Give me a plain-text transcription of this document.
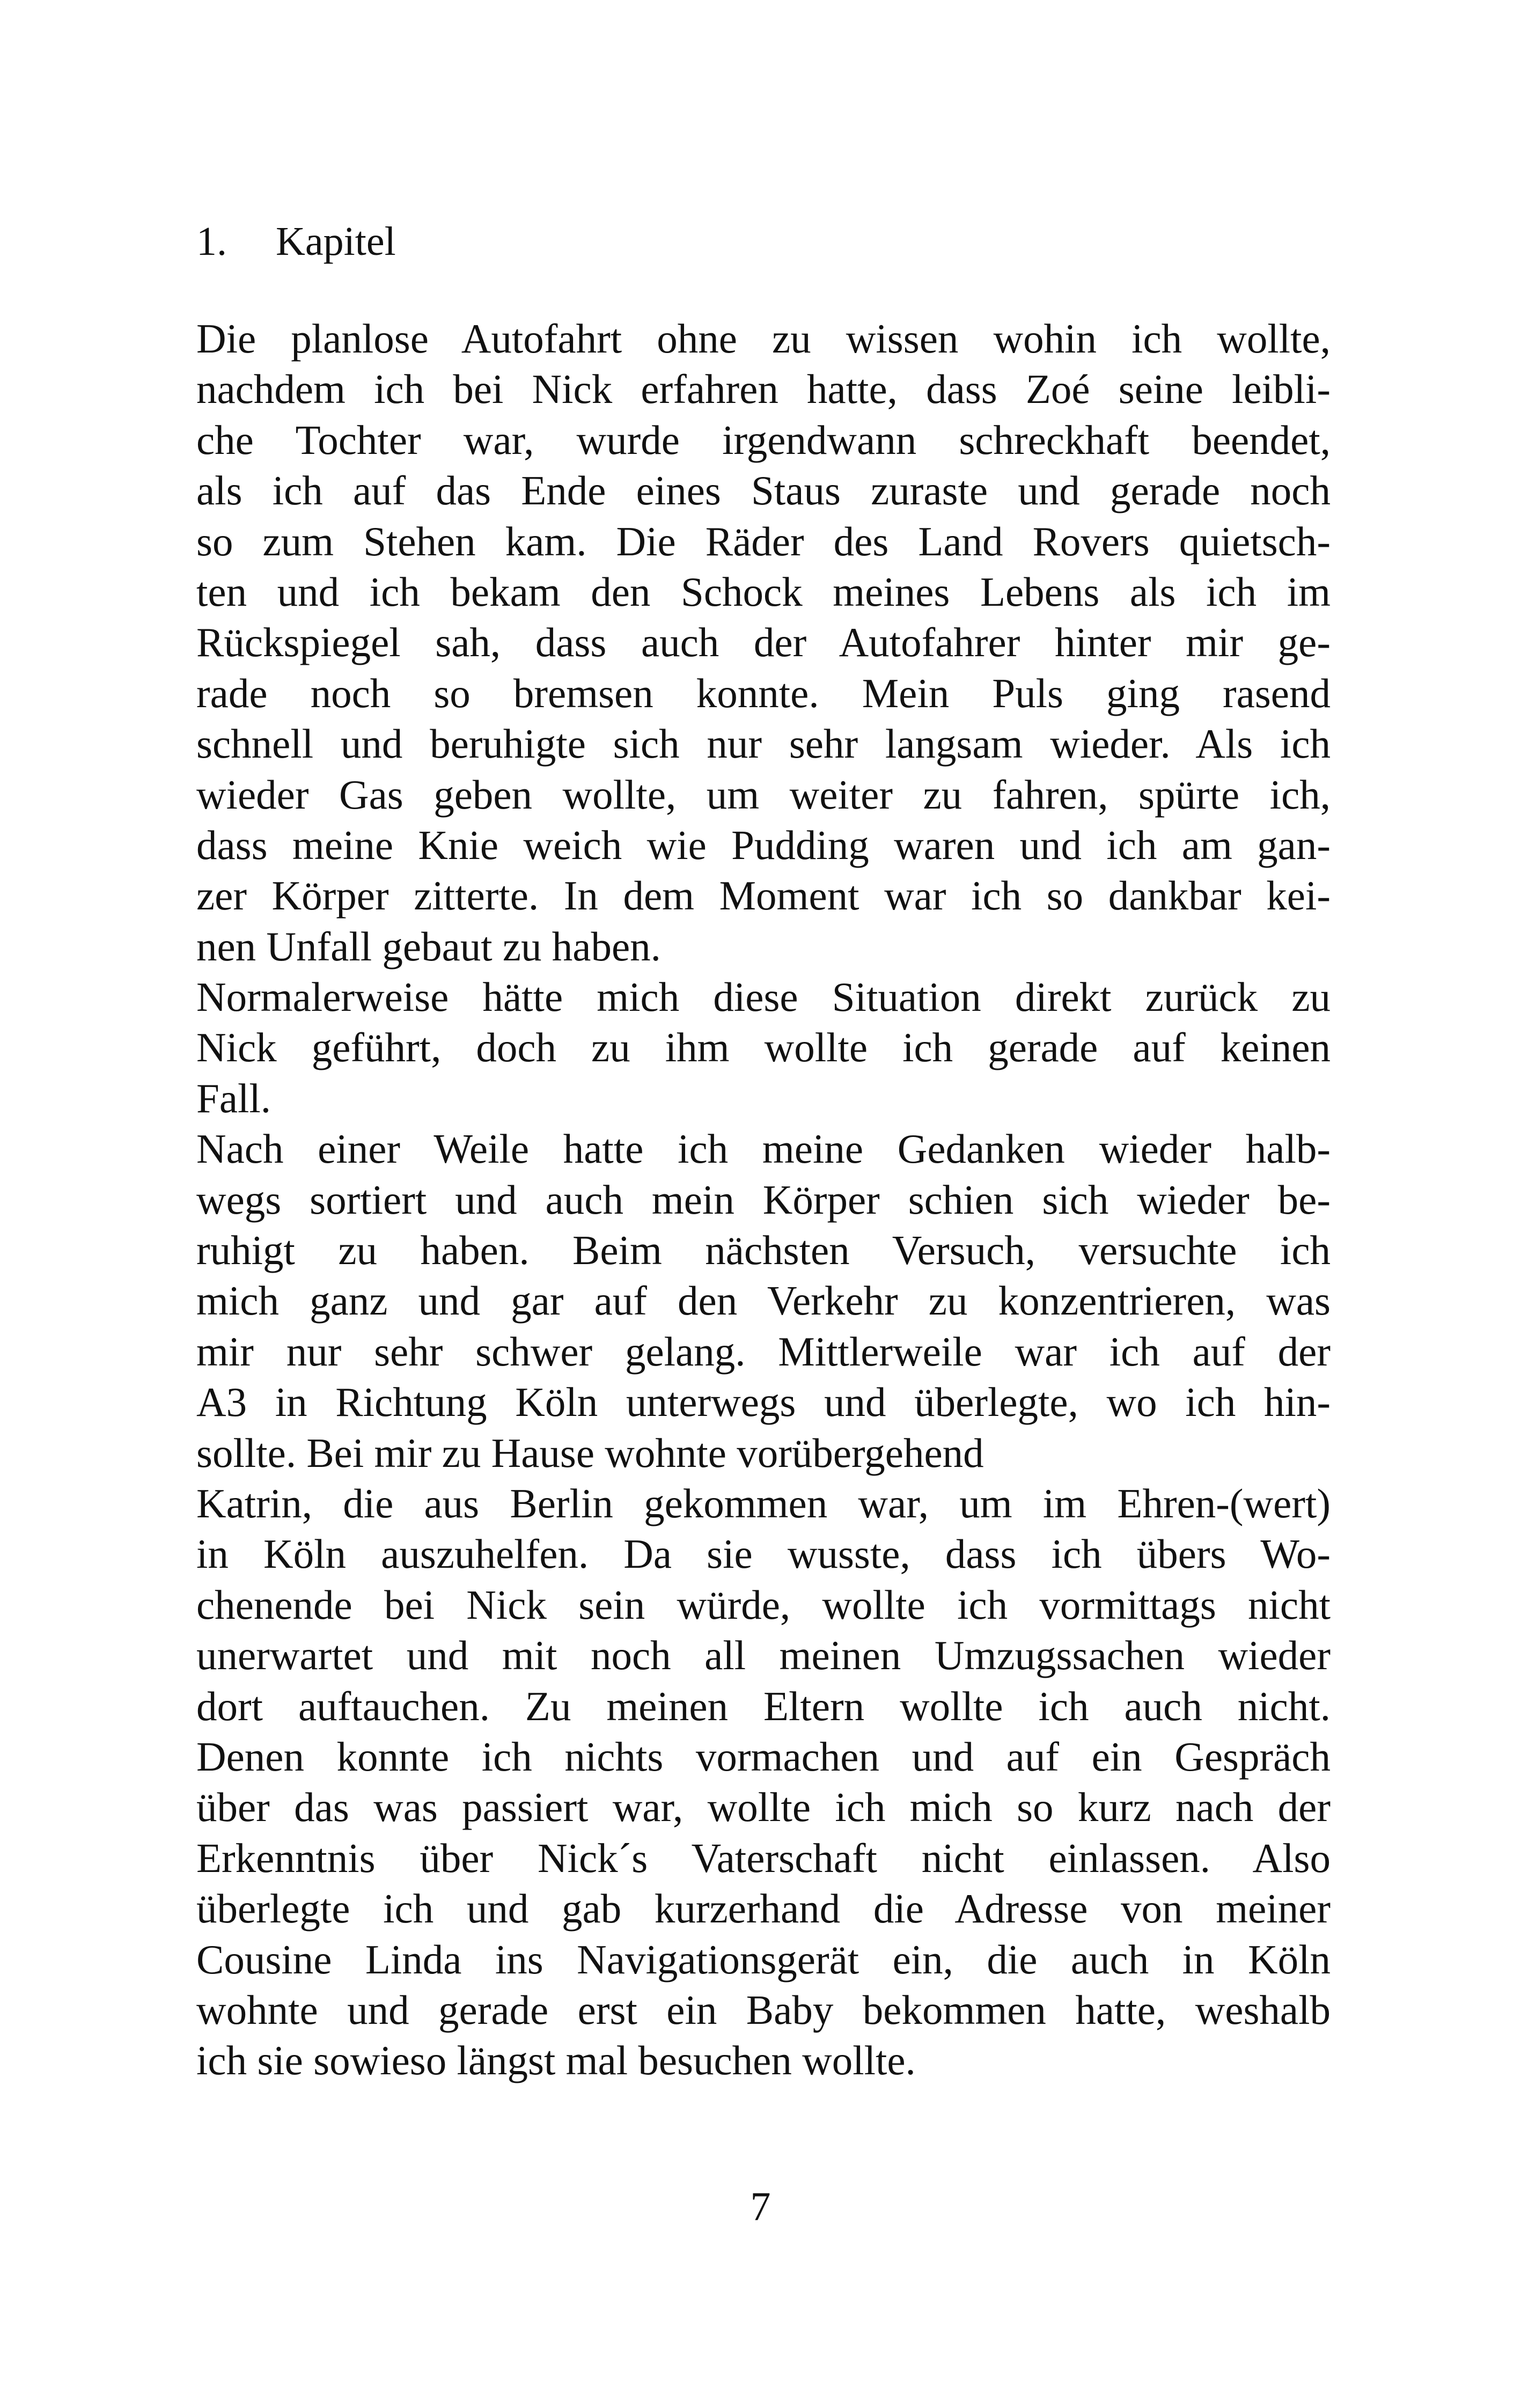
1. Kapitel
Die planlose Autofahrt ohne zu wissen wohin ich wollte,
nachdem ich bei Nick erfahren hatte, dass Zoé seine leibli-
che Tochter war, wurde irgendwann schreckhaft beendet,
als ich auf das Ende eines Staus zuraste und gerade noch
so zum Stehen kam. Die Räder des Land Rovers quietsch-
ten und ich bekam den Schock meines Lebens als ich im
Rückspiegel sah, dass auch der Autofahrer hinter mir ge-
rade noch so bremsen konnte. Mein Puls ging rasend
schnell und beruhigte sich nur sehr langsam wieder. Als ich
wieder Gas geben wollte, um weiter zu fahren, spürte ich,
dass meine Knie weich wie Pudding waren und ich am gan-
zer Körper zitterte. In dem Moment war ich so dankbar kei-
nen Unfall gebaut zu haben.
Normalerweise hätte mich diese Situation direkt zurück zu
Nick geführt, doch zu ihm wollte ich gerade auf keinen
Fall.
Nach einer Weile hatte ich meine Gedanken wieder halb-
wegs sortiert und auch mein Körper schien sich wieder be-
ruhigt zu haben. Beim nächsten Versuch, versuchte ich
mich ganz und gar auf den Verkehr zu konzentrieren, was
mir nur sehr schwer gelang. Mittlerweile war ich auf der
A3 in Richtung Köln unterwegs und überlegte, wo ich hin-
sollte. Bei mir zu Hause wohnte vorübergehend
Katrin, die aus Berlin gekommen war, um im Ehren-(wert)
in Köln auszuhelfen. Da sie wusste, dass ich übers Wo-
chenende bei Nick sein würde, wollte ich vormittags nicht
unerwartet und mit noch all meinen Umzugssachen wieder
dort auftauchen. Zu meinen Eltern wollte ich auch nicht.
Denen konnte ich nichts vormachen und auf ein Gespräch
über das was passiert war, wollte ich mich so kurz nach der
Erkenntnis über Nick´s Vaterschaft nicht einlassen. Also
überlegte ich und gab kurzerhand die Adresse von meiner
Cousine Linda ins Navigationsgerät ein, die auch in Köln
wohnte und gerade erst ein Baby bekommen hatte, weshalb
ich sie sowieso längst mal besuchen wollte.
7
